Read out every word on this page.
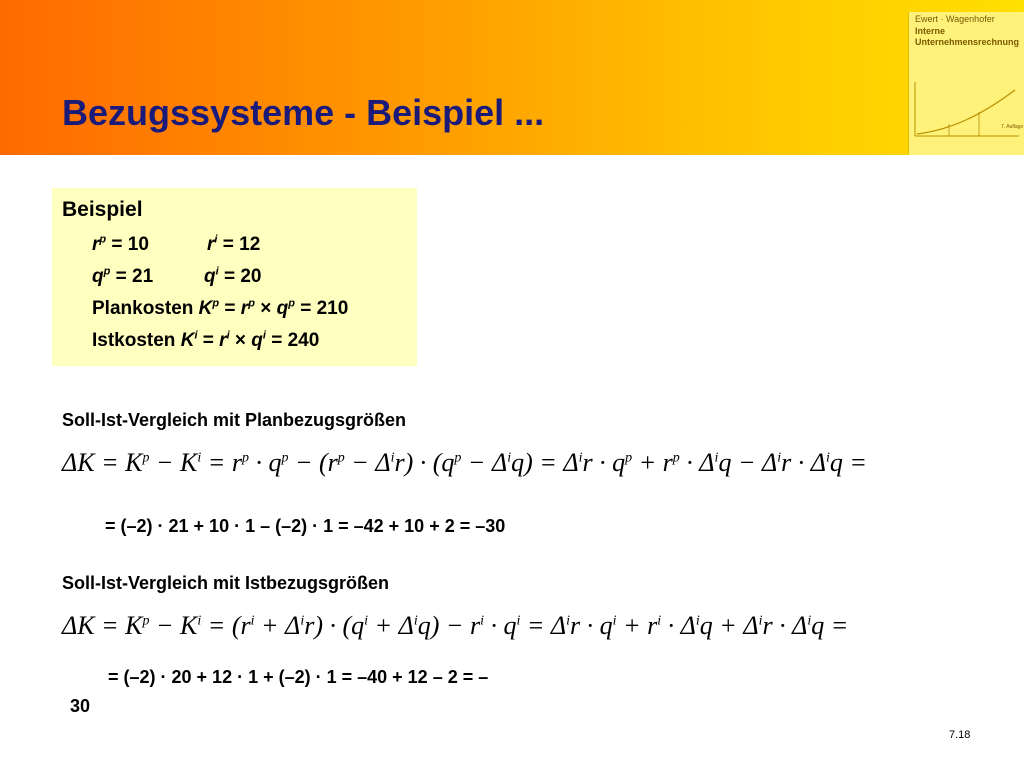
Bezugssysteme - Beispiel ...
Ewert · Wagenhofer
Interne
Unternehmensrechnung
7. Auflage
Beispiel
$r^p = 10$	$r^i = 12$
$q^p = 21$	$q^i = 20$
Plankosten $K^p = r^p \times q^p = 210$
Istkosten $K^i = r^i \times q^i = 240$
Soll-Ist-Vergleich mit Planbezugsgrößen
$\Delta K = K^p - K^i = r^p \cdot q^p - (r^p - \Delta^ir) \cdot (q^p - \Delta^iq) = \Delta^ir \cdot q^p + r^p \cdot \Delta^iq - \Delta^ir \cdot \Delta^iq$ =
= (–2) · 21 + 10 · 1 – (–2) · 1 = –42 + 10 + 2 = –30
Soll-Ist-Vergleich mit Istbezugsgrößen
$\Delta K = K^p - K^i = (r^i + \Delta^ir) \cdot (q^i + \Delta^iq) - r^i \cdot q^i = \Delta^ir \cdot q^i + r^i \cdot \Delta^iq + \Delta^ir \cdot \Delta^iq$ =
= (–2) · 20 + 12 · 1 + (–2) · 1 = –40 + 12 – 2 = –
30
7.18
